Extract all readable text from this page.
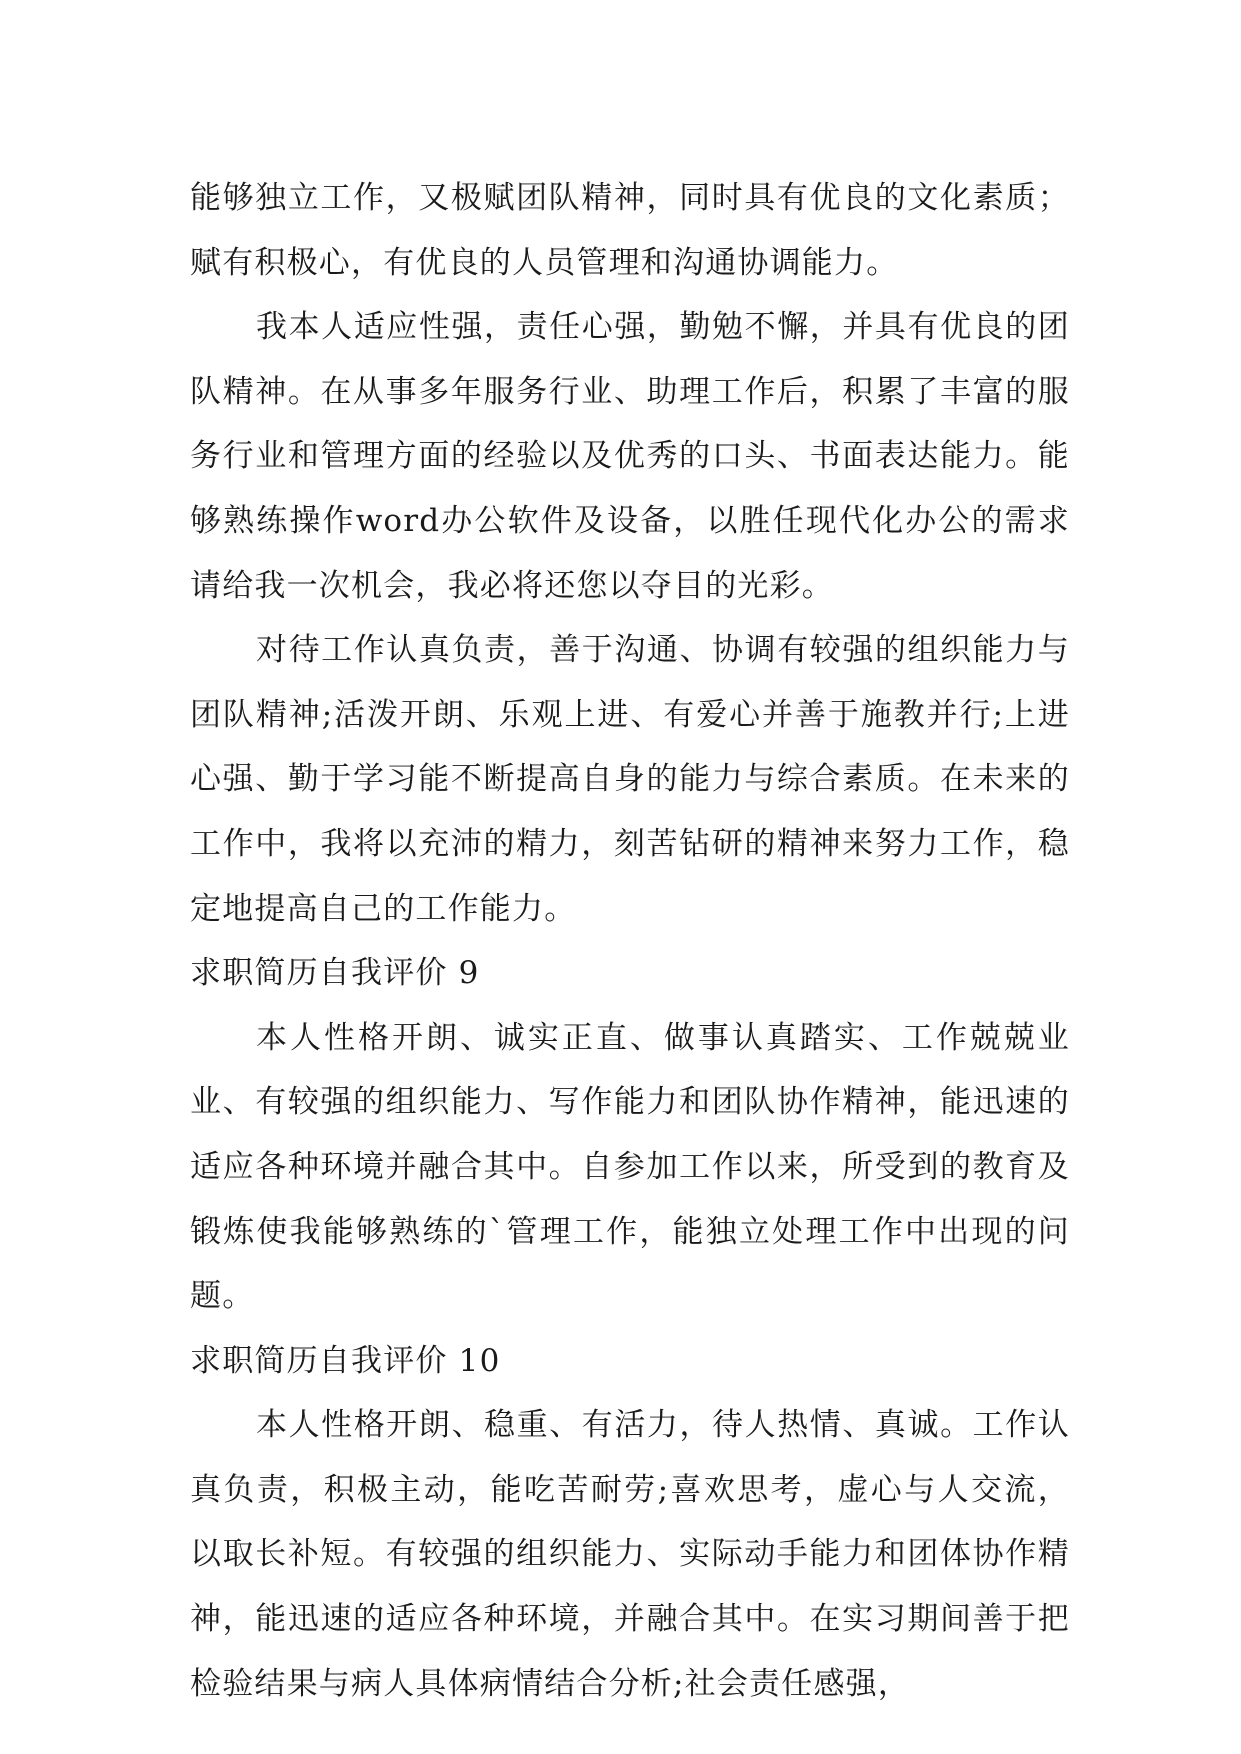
能够独立工作，又极赋团队精神，同时具有优良的文化素质；赋有积极心，有优良的人员管理和沟通协调能力。

我本人适应性强，责任心强，勤勉不懈，并具有优良的团队精神。在从事多年服务行业、助理工作后，积累了丰富的服务行业和管理方面的经验以及优秀的口头、书面表达能力。能够熟练操作word办公软件及设备，以胜任现代化办公的需求请给我一次机会，我必将还您以夺目的光彩。

对待工作认真负责，善于沟通、协调有较强的组织能力与团队精神;活泼开朗、乐观上进、有爱心并善于施教并行;上进心强、勤于学习能不断提高自身的能力与综合素质。在未来的工作中，我将以充沛的精力，刻苦钻研的精神来努力工作，稳定地提高自己的工作能力。

求职简历自我评价 9

本人性格开朗、诚实正直、做事认真踏实、工作兢兢业业、有较强的组织能力、写作能力和团队协作精神，能迅速的适应各种环境并融合其中。自参加工作以来，所受到的教育及锻炼使我能够熟练的`管理工作，能独立处理工作中出现的问题。

求职简历自我评价 10

本人性格开朗、稳重、有活力，待人热情、真诚。工作认真负责，积极主动，能吃苦耐劳;喜欢思考，虚心与人交流，以取长补短。有较强的组织能力、实际动手能力和团体协作精神，能迅速的适应各种环境，并融合其中。在实习期间善于把检验结果与病人具体病情结合分析;社会责任感强，
